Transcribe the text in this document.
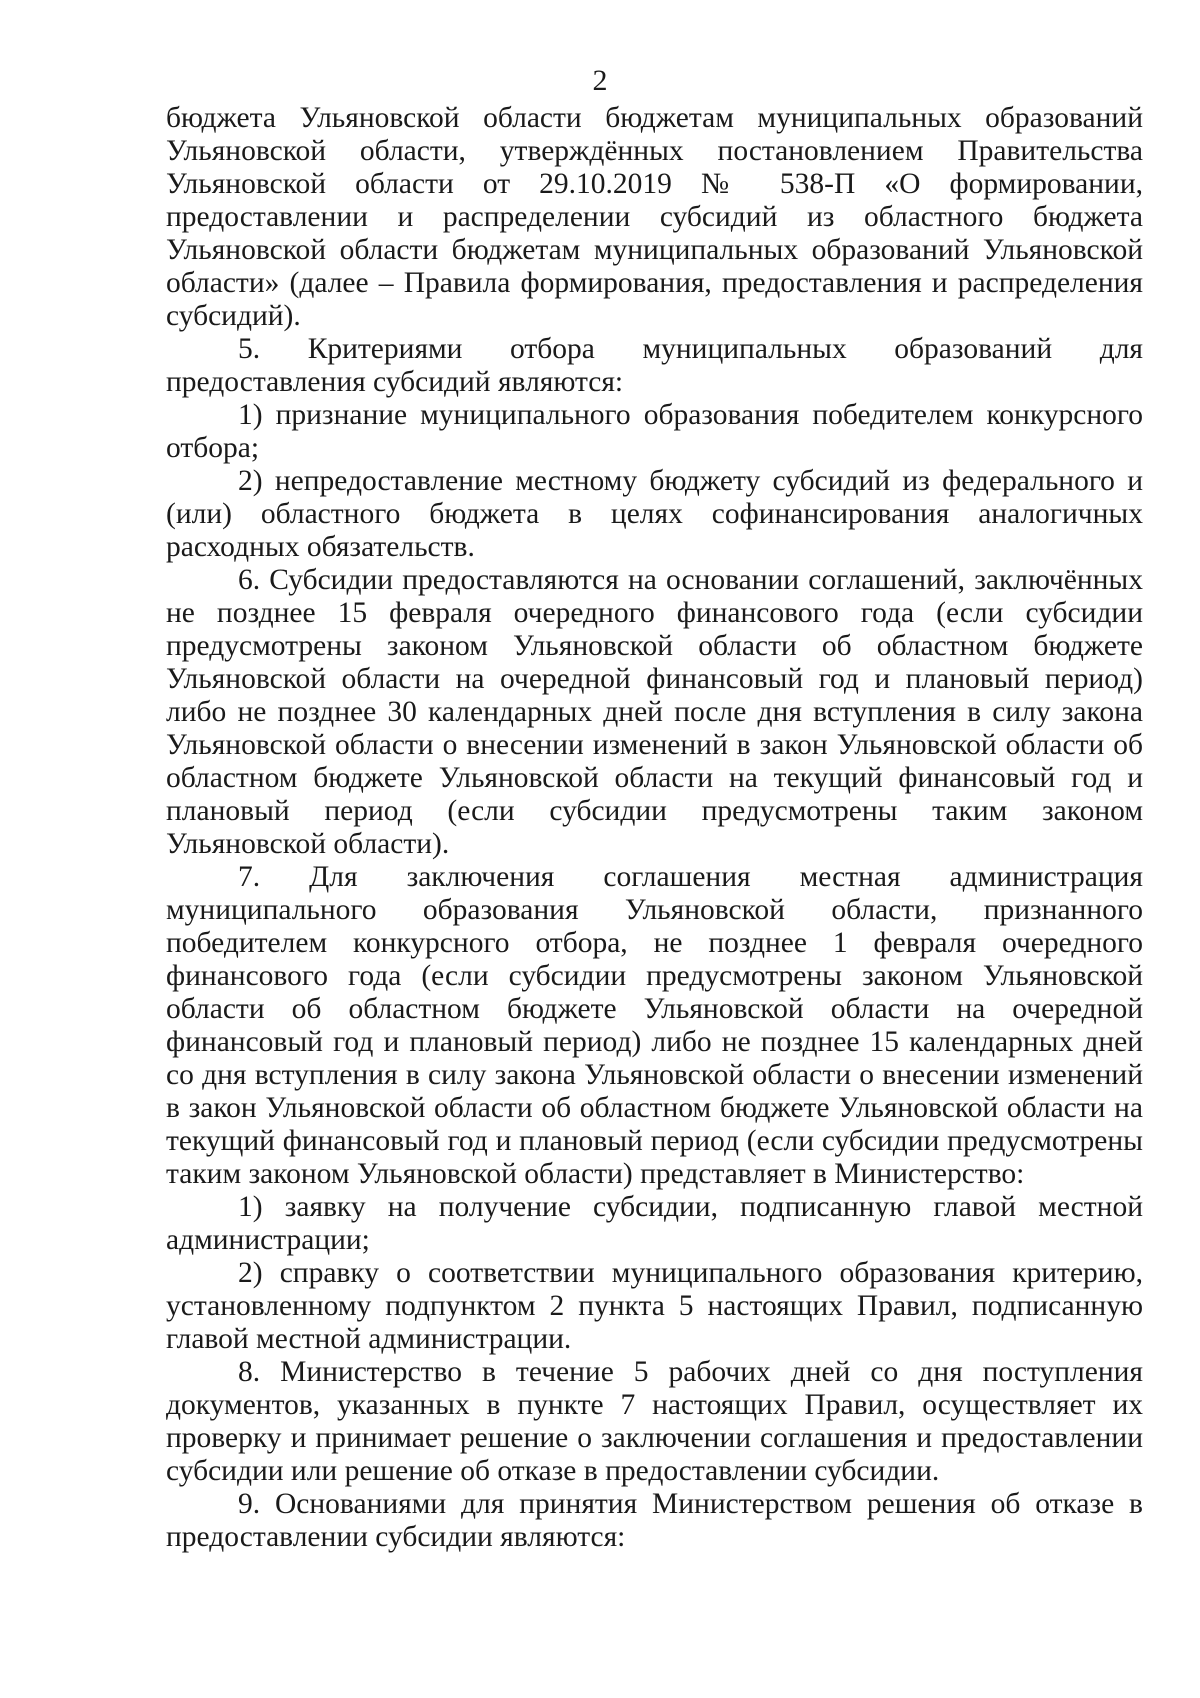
2

бюджета Ульяновской области бюджетам муниципальных образований Ульяновской области, утверждённых постановлением Правительства Ульяновской области от 29.10.2019 № 538-П «О формировании, предоставлении и распределении субсидий из областного бюджета Ульяновской области бюджетам муниципальных образований Ульяновской области» (далее – Правила формирования, предоставления и распределения субсидий).

5. Критериями отбора муниципальных образований для предоставления субсидий являются:

1) признание муниципального образования победителем конкурсного отбора;

2) непредоставление местному бюджету субсидий из федерального и (или) областного бюджета в целях софинансирования аналогичных расходных обязательств.

6. Субсидии предоставляются на основании соглашений, заключённых не позднее 15 февраля очередного финансового года (если субсидии предусмотрены законом Ульяновской области об областном бюджете Ульяновской области на очередной финансовый год и плановый период) либо не позднее 30 календарных дней после дня вступления в силу закона Ульяновской области о внесении изменений в закон Ульяновской области об областном бюджете Ульяновской области на текущий финансовый год и плановый период (если субсидии предусмотрены таким законом Ульяновской области).

7. Для заключения соглашения местная администрация муниципального образования Ульяновской области, признанного победителем конкурсного отбора, не позднее 1 февраля очередного финансового года (если субсидии предусмотрены законом Ульяновской области об областном бюджете Ульяновской области на очередной финансовый год и плановый период) либо не позднее 15 календарных дней со дня вступления в силу закона Ульяновской области о внесении изменений в закон Ульяновской области об областном бюджете Ульяновской области на текущий финансовый год и плановый период (если субсидии предусмотрены таким законом Ульяновской области) представляет в Министерство:

1) заявку на получение субсидии, подписанную главой местной администрации;

2) справку о соответствии муниципального образования критерию, установленному подпунктом 2 пункта 5 настоящих Правил, подписанную главой местной администрации.

8. Министерство в течение 5 рабочих дней со дня поступления документов, указанных в пункте 7 настоящих Правил, осуществляет их проверку и принимает решение о заключении соглашения и предоставлении субсидии или решение об отказе в предоставлении субсидии.

9. Основаниями для принятия Министерством решения об отказе в предоставлении субсидии являются:
